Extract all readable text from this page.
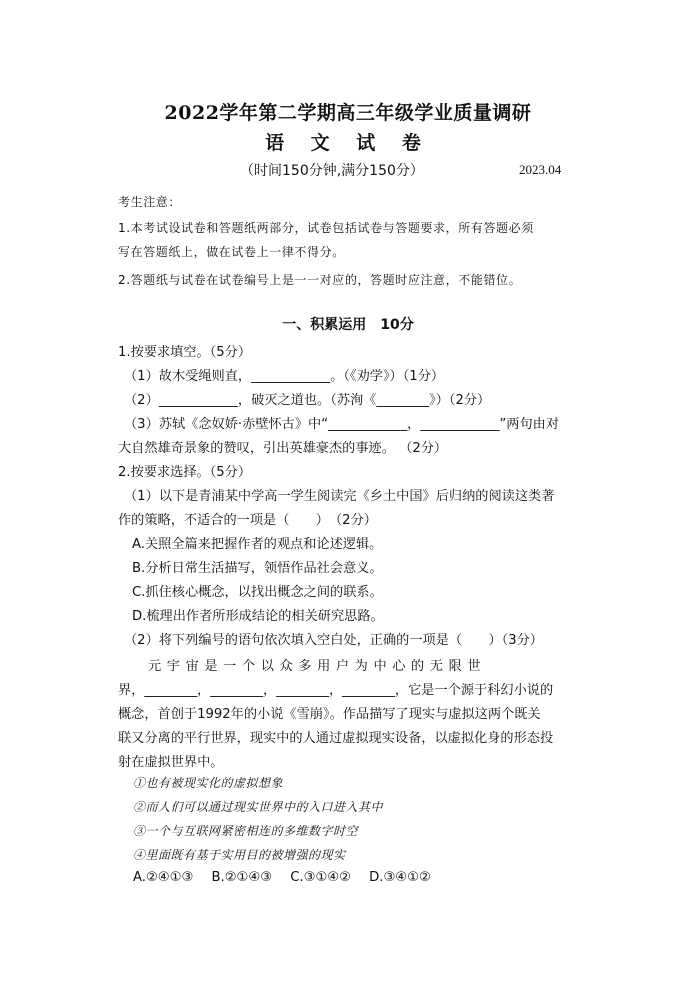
2022学年第二学期高三年级学业质量调研
语 文 试 卷
（时间150分钟,满分150分）	2023.04
考生注意：
1.本考试设试卷和答题纸两部分，试卷包括试卷与答题要求，所有答题必须
写在答题纸上，做在试卷上一律不得分。
2.答题纸与试卷在试卷编号上是一一对应的，答题时应注意，不能错位。
一、积累运用　10分
1.按要求填空。（5分）
（1）故木受绳则直，____________。（《劝学》）（1分）
（2）____________，破灭之道也。（苏洵《________》）（2分）
（3）苏轼《念奴娇·赤壁怀古》中“____________，____________”两句由对
大自然雄奇景象的赞叹，引出英雄豪杰的事迹。 （2分）
2.按要求选择。（5分）
（1）以下是青浦某中学高一学生阅读完《乡土中国》后归纳的阅读这类著
作的策略，不适合的一项是（　　）　（2分）
A.关照全篇来把握作者的观点和论述逻辑。
B.分析日常生活描写，领悟作品社会意义。
C.抓住核心概念，以找出概念之间的联系。
D.梳理出作者所形成结论的相关研究思路。
（2）将下列编号的语句依次填入空白处，正确的一项是（　　）（3分）
元宇宙是一个以众多用户为中心的无限世
界，________，________，________，________，它是一个源于科幻小说的
概念，首创于1992年的小说《雪崩》。作品描写了现实与虚拟这两个既关
联又分离的平行世界，现实中的人通过虚拟现实设备，以虚拟化身的形态投
射在虚拟世界中。
①也有被现实化的虚拟想象
②而人们可以通过现实世界中的入口进入其中
③一个与互联网紧密相连的多维数字时空
④里面既有基于实用目的被增强的现实
A.②④①③ B.②①④③ C.③①④② D.③④①②
